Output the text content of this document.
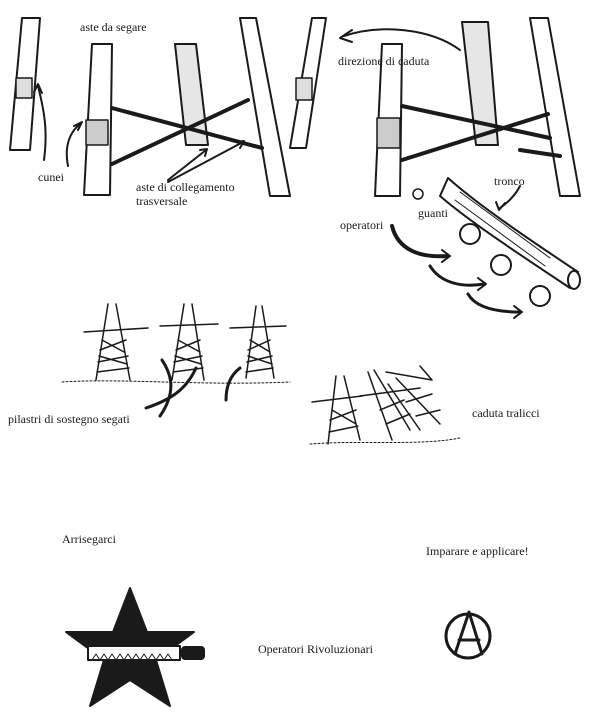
aste da segare
direzione di caduta
cunei
aste di collegamento
trasversale
tronco
guanti
operatori
pilastri di sostegno segati	caduta tralicci
Arrisegarci
Imparare e applicare!
Operatori Rivoluzionari
